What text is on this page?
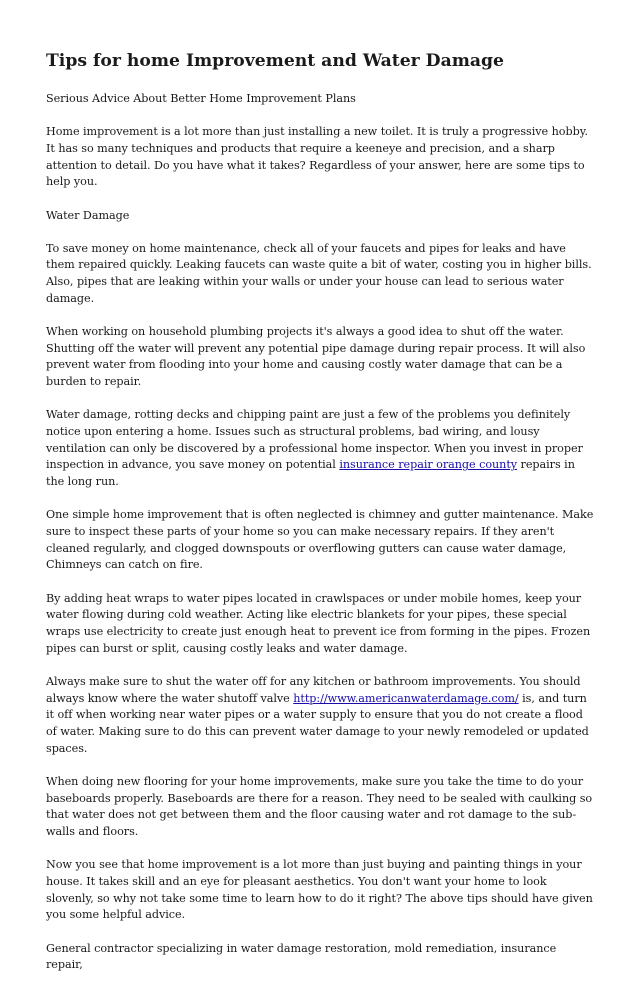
Tips for home Improvement and Water Damage

Serious Advice About Better Home Improvement Plans

Home improvement is a lot more than just installing a new toilet. It is truly a progressive hobby. It has so many techniques and products that require a keeneye and precision, and a sharp attention to detail. Do you have what it takes? Regardless of your answer, here are some tips to help you.

Water Damage

To save money on home maintenance, check all of your faucets and pipes for leaks and have them repaired quickly. Leaking faucets can waste quite a bit of water, costing you in higher bills. Also, pipes that are leaking within your walls or under your house can lead to serious water damage.

When working on household plumbing projects it's always a good idea to shut off the water. Shutting off the water will prevent any potential pipe damage during repair process. It will also prevent water from flooding into your home and causing costly water damage that can be a burden to repair.

Water damage, rotting decks and chipping paint are just a few of the problems you definitely notice upon entering a home. Issues such as structural problems, bad wiring, and lousy ventilation can only be discovered by a professional home inspector. When you invest in proper inspection in advance, you save money on potential insurance repair orange county repairs in the long run.

One simple home improvement that is often neglected is chimney and gutter maintenance. Make sure to inspect these parts of your home so you can make necessary repairs. If they aren't cleaned regularly, and clogged downspouts or overflowing gutters can cause water damage, Chimneys can catch on fire.

By adding heat wraps to water pipes located in crawlspaces or under mobile homes, keep your water flowing during cold weather. Acting like electric blankets for your pipes, these special wraps use electricity to create just enough heat to prevent ice from forming in the pipes. Frozen pipes can burst or split, causing costly leaks and water damage.

Always make sure to shut the water off for any kitchen or bathroom improvements. You should always know where the water shutoff valve http://www.americanwaterdamage.com/ is, and turn it off when working near water pipes or a water supply to ensure that you do not create a flood of water. Making sure to do this can prevent water damage to your newly remodeled or updated spaces.

When doing new flooring for your home improvements, make sure you take the time to do your baseboards properly. Baseboards are there for a reason. They need to be sealed with caulking so that water does not get between them and the floor causing water and rot damage to the sub-walls and floors.

Now you see that home improvement is a lot more than just buying and painting things in your house. It takes skill and an eye for pleasant aesthetics. You don't want your home to look slovenly, so why not take some time to learn how to do it right? The above tips should have given you some helpful advice.

General contractor specializing in water damage restoration, mold remediation, insurance repair,
